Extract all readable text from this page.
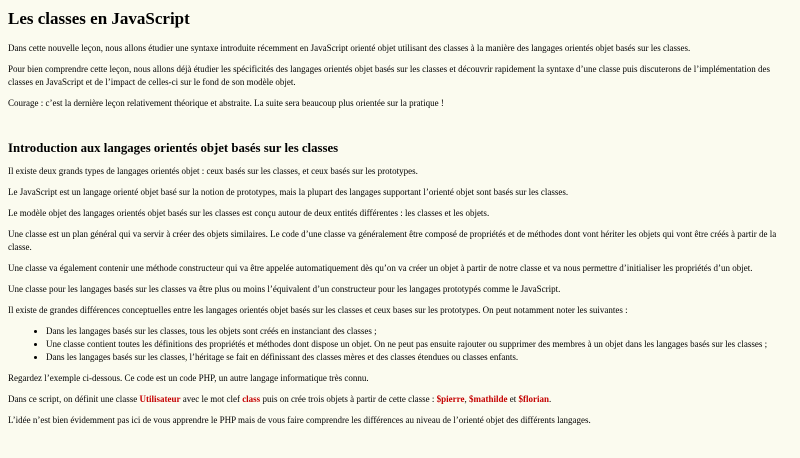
Les classes en JavaScript

Dans cette nouvelle leçon, nous allons étudier une syntaxe introduite récemment en JavaScript orienté objet utilisant des classes à la manière des langages orientés objet basés sur les classes.

Pour bien comprendre cette leçon, nous allons déjà étudier les spécificités des langages orientés objet basés sur les classes et découvrir rapidement la syntaxe d’une classe puis discuterons de l’implémentation des classes en JavaScript et de l’impact de celles-ci sur le fond de son modèle objet.

Courage : c’est la dernière leçon relativement théorique et abstraite. La suite sera beaucoup plus orientée sur la pratique !

Introduction aux langages orientés objet basés sur les classes

Il existe deux grands types de langages orientés objet : ceux basés sur les classes, et ceux basés sur les prototypes.

Le JavaScript est un langage orienté objet basé sur la notion de prototypes, mais la plupart des langages supportant l’orienté objet sont basés sur les classes.

Le modèle objet des langages orientés objet basés sur les classes est conçu autour de deux entités différentes : les classes et les objets.

Une classe est un plan général qui va servir à créer des objets similaires. Le code d’une classe va généralement être composé de propriétés et de méthodes dont vont hériter les objets qui vont être créés à partir de la classe.

Une classe va également contenir une méthode constructeur qui va être appelée automatiquement dès qu’on va créer un objet à partir de notre classe et va nous permettre d’initialiser les propriétés d’un objet.

Une classe pour les langages basés sur les classes va être plus ou moins l’équivalent d’un constructeur pour les langages prototypés comme le JavaScript.

Il existe de grandes différences conceptuelles entre les langages orientés objet basés sur les classes et ceux bases sur les prototypes. On peut notamment noter les suivantes :

• Dans les langages basés sur les classes, tous les objets sont créés en instanciant des classes ;
• Une classe contient toutes les définitions des propriétés et méthodes dont dispose un objet. On ne peut pas ensuite rajouter ou supprimer des membres à un objet dans les langages basés sur les classes ;
• Dans les langages basés sur les classes, l’héritage se fait en définissant des classes mères et des classes étendues ou classes enfants.

Regardez l’exemple ci-dessous. Ce code est un code PHP, un autre langage informatique très connu.

Dans ce script, on définit une classe Utilisateur avec le mot clef class puis on crée trois objets à partir de cette classe : $pierre, $mathilde et $florian.

L’idée n’est bien évidemment pas ici de vous apprendre le PHP mais de vous faire comprendre les différences au niveau de l’orienté objet des différents langages.
